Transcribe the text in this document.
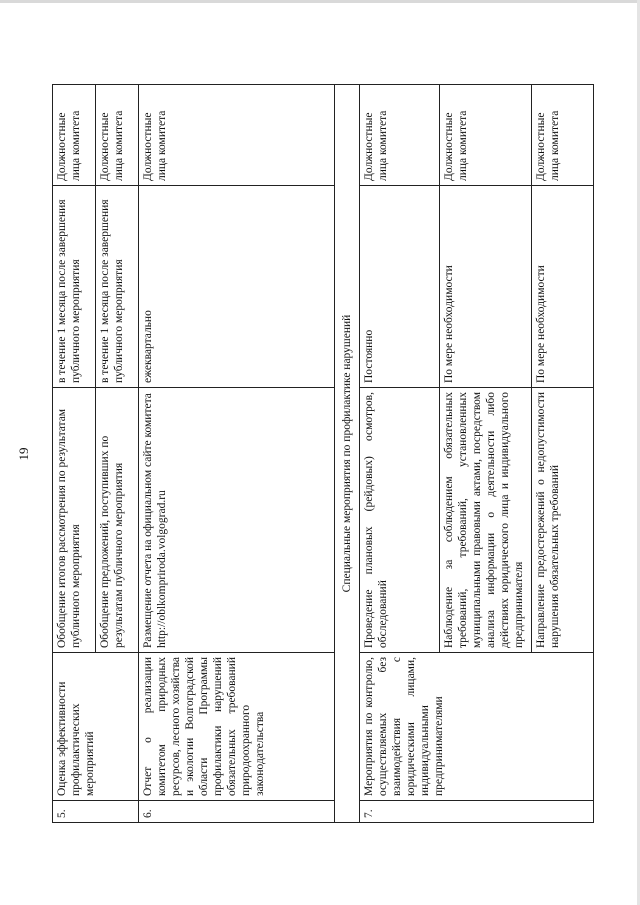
19
5.	Оценка эффективности профилактических мероприятий	Обобщение итогов рассмотрения по результатам публичного мероприятия	в течение 1 месяца после завершения публичного мероприятия	Должностные лица комитета
		Обобщение предложений, поступивших по результатам публичного мероприятия	в течение 1 месяца после завершения публичного мероприятия	Должностные лица комитета
6.	Отчет о реализации комитетом природных ресурсов, лесного хозяйства и экологии Волгоградской области Программы профилактики нарушений обязательных требований природоохранного законодательства	Размещение отчета на официальном сайте комитета http://oblkompriroda.volgograd.ru	ежеквартально	Должностные лица комитета
Специальные мероприятия по профилактике нарушений				
7.	Мероприятия по контролю, осуществляемых без взаимодействия с юридическими лицами, индивидуальными предпринимателями	Проведение плановых (рейдовых) осмотров, обследований	Постоянно	Должностные лица комитета
		Наблюдение за соблюдением обязательных требований, требований, установленных муниципальными правовыми актами, посредством анализа информации о деятельности либо действиях юридического лица и индивидуального предпринимателя	По мере необходимости	Должностные лица комитета
		Направление предостережений о недопустимости нарушения обязательных требований	По мере необходимости	Должностные лица комитета
